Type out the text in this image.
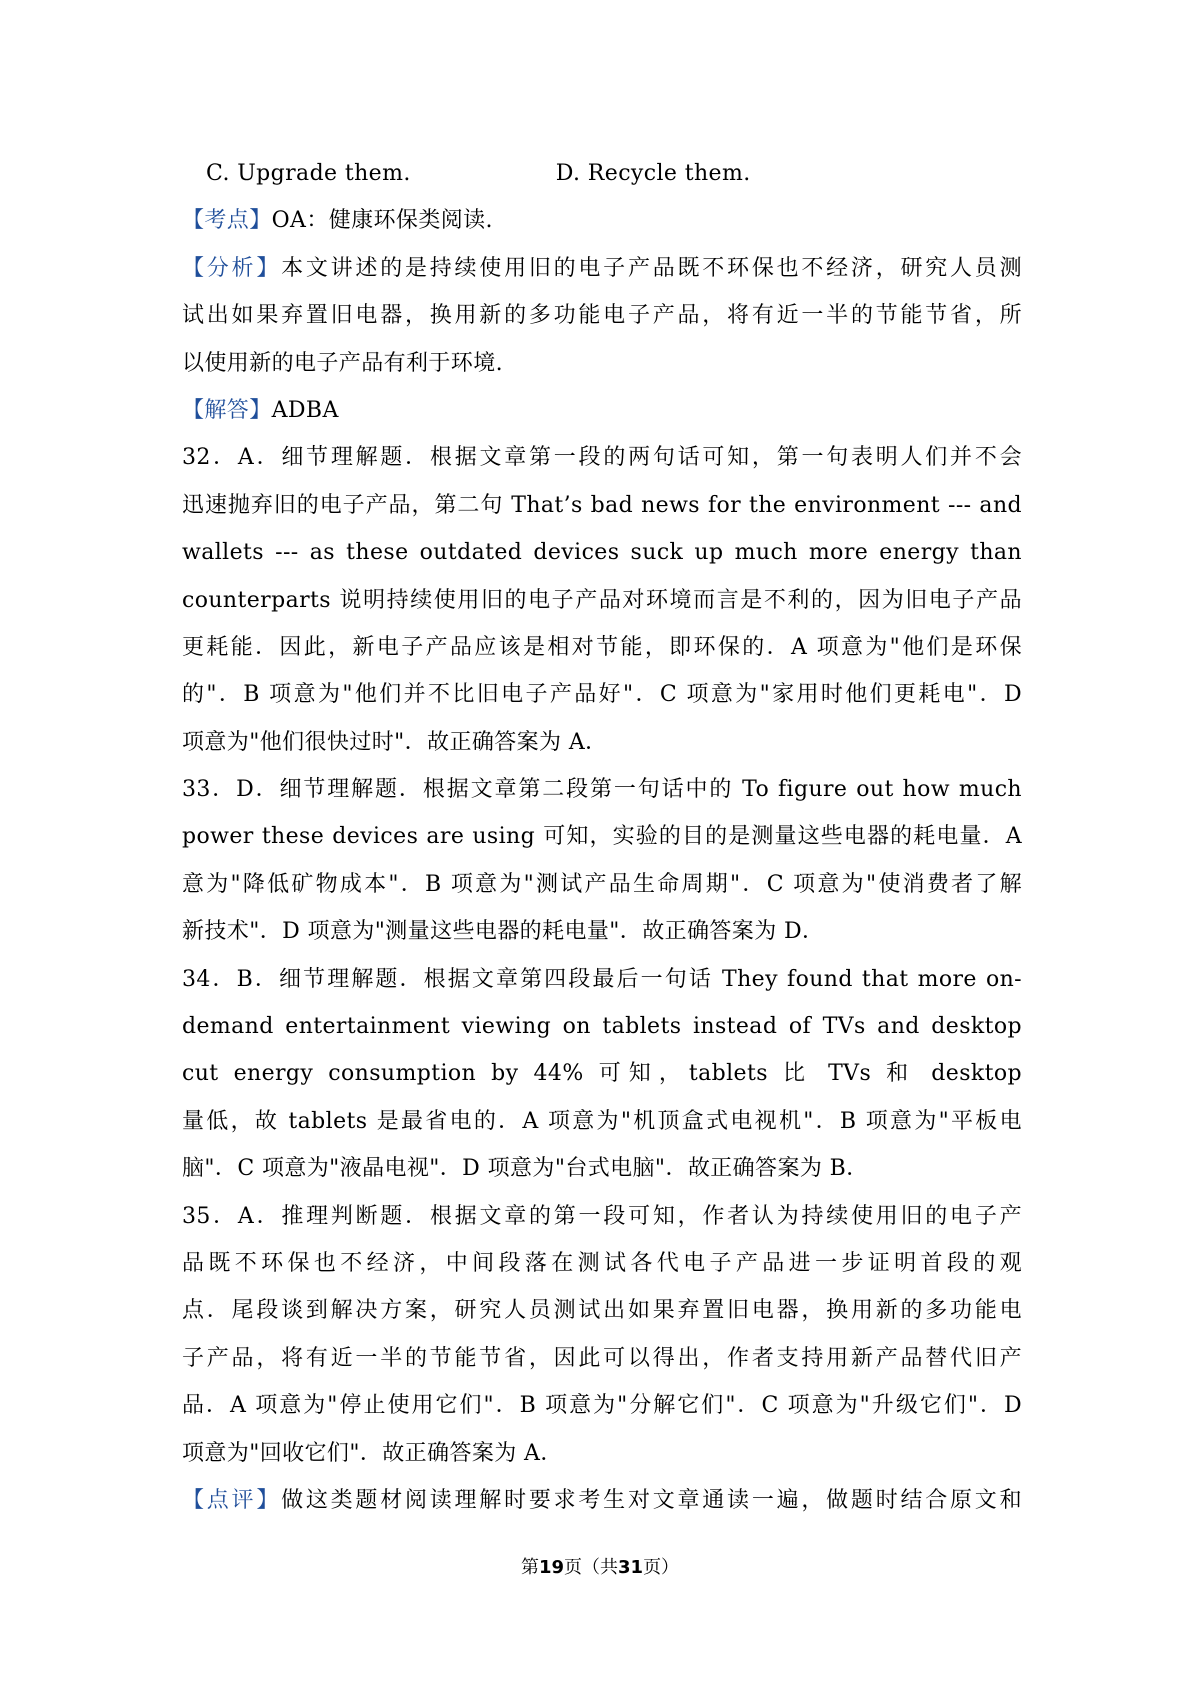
C. Upgrade them.	D. Recycle them.
【考点】OA：健康环保类阅读.
【分析】本文讲述的是持续使用旧的电子产品既不环保也不经济，研究人员测
试出如果弃置旧电器，换用新的多功能电子产品，将有近一半的节能节省，所
以使用新的电子产品有利于环境.
【解答】ADBA
32．A．细节理解题．根据文章第一段的两句话可知，第一句表明人们并不会
迅速抛弃旧的电子产品，第二句 That’s bad news for the environment --- and
wallets --- as these outdated devices suck up much more energy than
counterparts 说明持续使用旧的电子产品对环境而言是不利的，因为旧电子产品
更耗能．因此，新电子产品应该是相对节能，即环保的．A 项意为"他们是环保
的"．B 项意为"他们并不比旧电子产品好"．C 项意为"家用时他们更耗电"．D
项意为"他们很快过时"．故正确答案为 A．
33．D．细节理解题．根据文章第二段第一句话中的 To figure out how much
power these devices are using 可知，实验的目的是测量这些电器的耗电量．A
意为"降低矿物成本"．B 项意为"测试产品生命周期"．C 项意为"使消费者了解
新技术"．D 项意为"测量这些电器的耗电量"．故正确答案为 D．
34．B．细节理解题．根据文章第四段最后一句话 They found that more on-
demand entertainment viewing on tablets instead of TVs and desktop
cut energy consumption by 44% 可知，tablets 比 TVs 和 desktop
量低，故 tablets 是最省电的．A 项意为"机顶盒式电视机"．B 项意为"平板电
脑"．C 项意为"液晶电视"．D 项意为"台式电脑"．故正确答案为 B．
35．A．推理判断题．根据文章的第一段可知，作者认为持续使用旧的电子产
品既不环保也不经济，中间段落在测试各代电子产品进一步证明首段的观
点．尾段谈到解决方案，研究人员测试出如果弃置旧电器，换用新的多功能电
子产品，将有近一半的节能节省，因此可以得出，作者支持用新产品替代旧产
品．A 项意为"停止使用它们"．B 项意为"分解它们"．C 项意为"升级它们"．D
项意为"回收它们"．故正确答案为 A．
【点评】做这类题材阅读理解时要求考生对文章通读一遍，做题时结合原文和
第19页（共31页）
